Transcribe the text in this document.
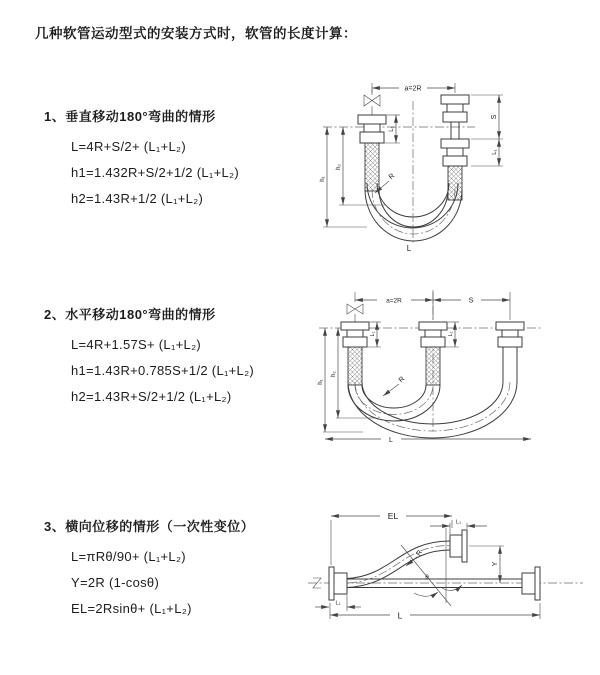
几种软管运动型式的安装方式时，软管的长度计算：
1、垂直移动180°弯曲的情形

L=4R+S/2+ (L₁+L₂)

h1=1.432R+S/2+1/2 (L₁+L₂)

h2=1.43R+1/2 (L₁+L₂)

a=2R
L₁
S
L₁
h₂
h₁	R
L
2、水平移动180°弯曲的情形

L=4R+1.57S+ (L₁+L₂)

h1=1.43R+0.785S+1/2 (L₁+L₂)

h2=1.43R+S/2+1/2 (L₁+L₂)

a=2R	S
L₁	L₁
h₂
h₁	R
L
3、横向位移的情形（一次性变位）

L=πRθ/90+ (L₁+L₂)

Y=2R (1-cosθ)

EL=2Rsinθ+ (L₁+L₂)

EL
L₁
Y
R
θ
L₁
L
